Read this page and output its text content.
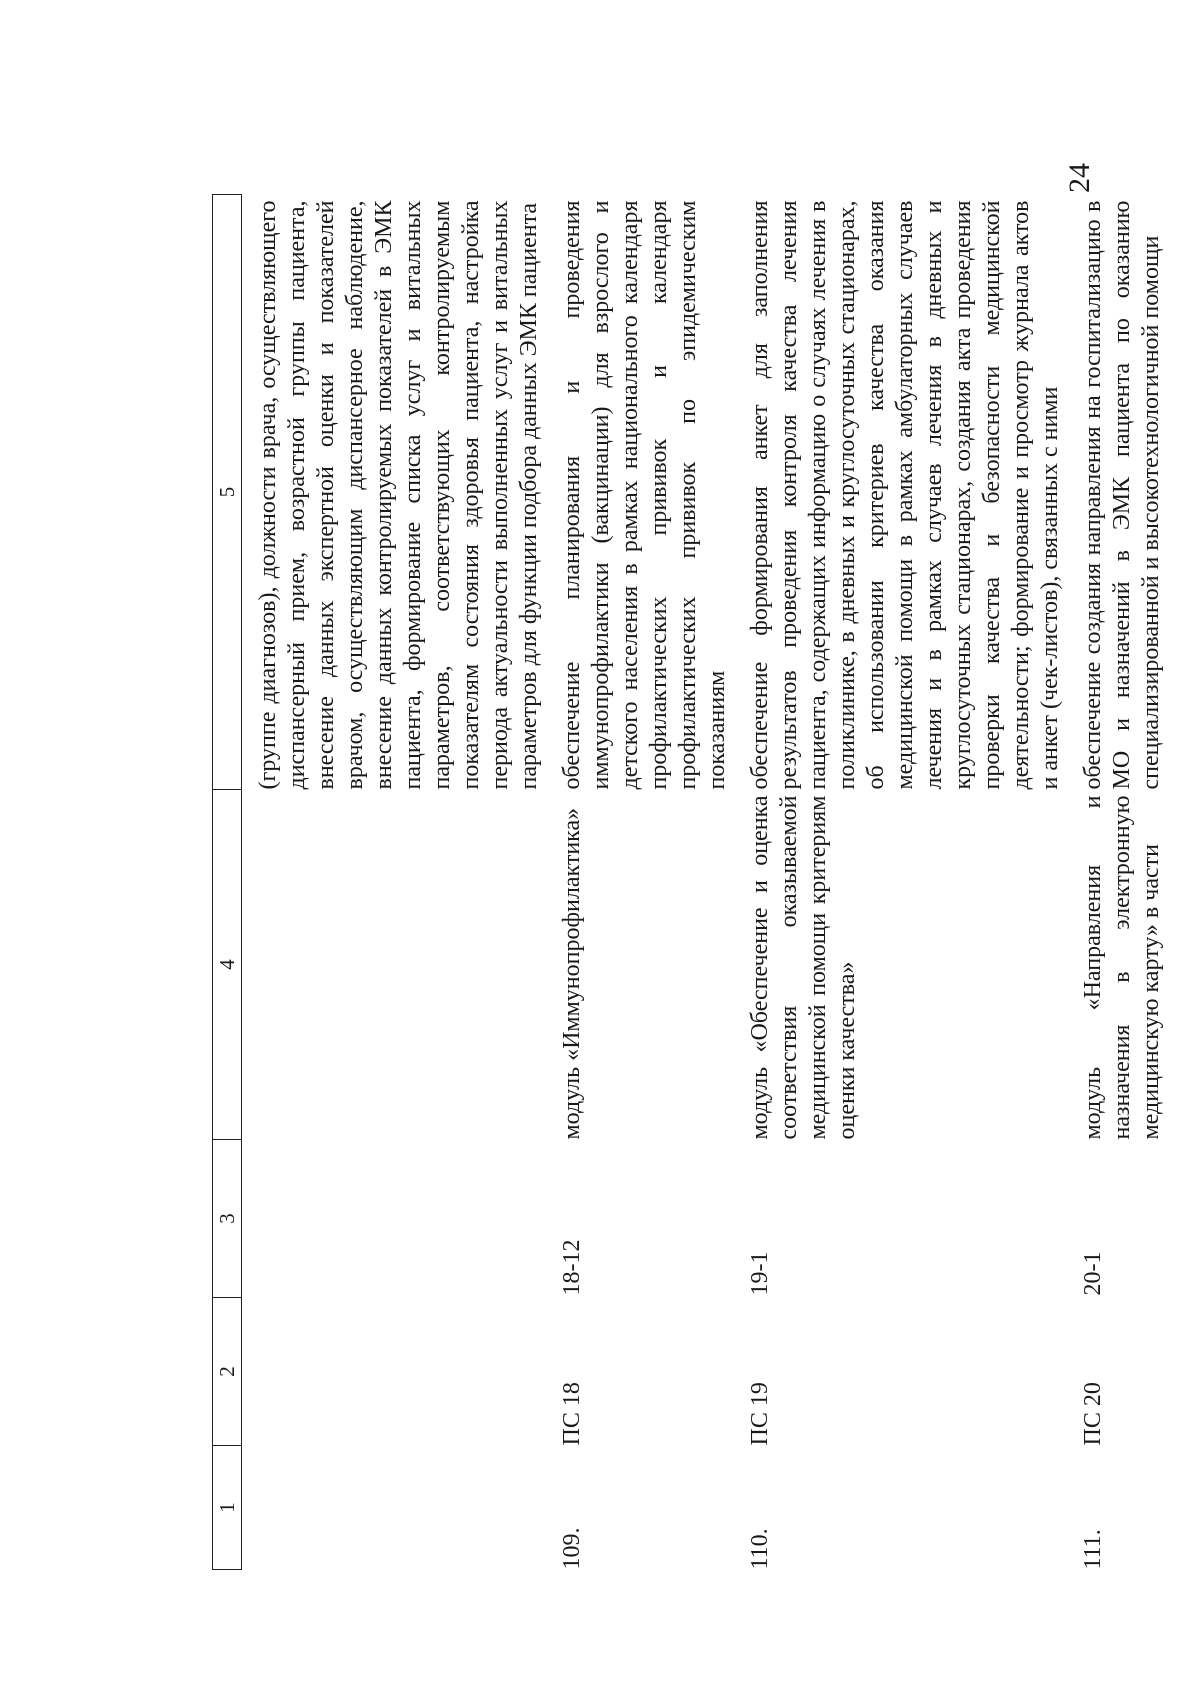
24
1	2	3	4	5
				(группе диагнозов), должности врача, осуществляющего диспансерный прием, возрастной группы пациента, внесение данных экспертной оценки и показателей врачом, осуществляющим диспансерное наблюдение, внесение данных контролируемых показателей в ЭМК пациента, формирование списка услуг и витальных параметров, соответствующих контролируемым показателям состояния здоровья пациента, настройка периода актуальности выполненных услуг и витальных параметров для функции подбора данных ЭМК пациента
109.	ПС 18	18-12	модуль «Иммунопрофилактика»	обеспечение планирования и проведения иммунопрофилактики (вакцинации) для взрослого и детского населения в рамках национального календаря профилактических прививок и календаря профилактических прививок по эпидемическим показаниям
110.	ПС 19	19-1	модуль «Обеспечение и оценка соответствия оказываемой медицинской помощи критериям оценки качества»	обеспечение формирования анкет для заполнения результатов проведения контроля качества лечения пациента, содержащих информацию о случаях лечения в поликлинике, в дневных и круглосуточных стационарах, об использовании критериев качества оказания медицинской помощи в рамках амбулаторных случаев лечения и в рамках случаев лечения в дневных и круглосуточных стационарах, создания акта проведения проверки качества и безопасности медицинской деятельности; формирование и просмотр журнала актов и анкет (чек-листов), связанных с ними
111.	ПС 20	20-1	модуль «Направления и назначения в электронную медицинскую карту» в части	обеспечение создания направления на госпитализацию в МО и назначений в ЭМК пациента по оказанию специализированной и высокотехнологичной помощи
